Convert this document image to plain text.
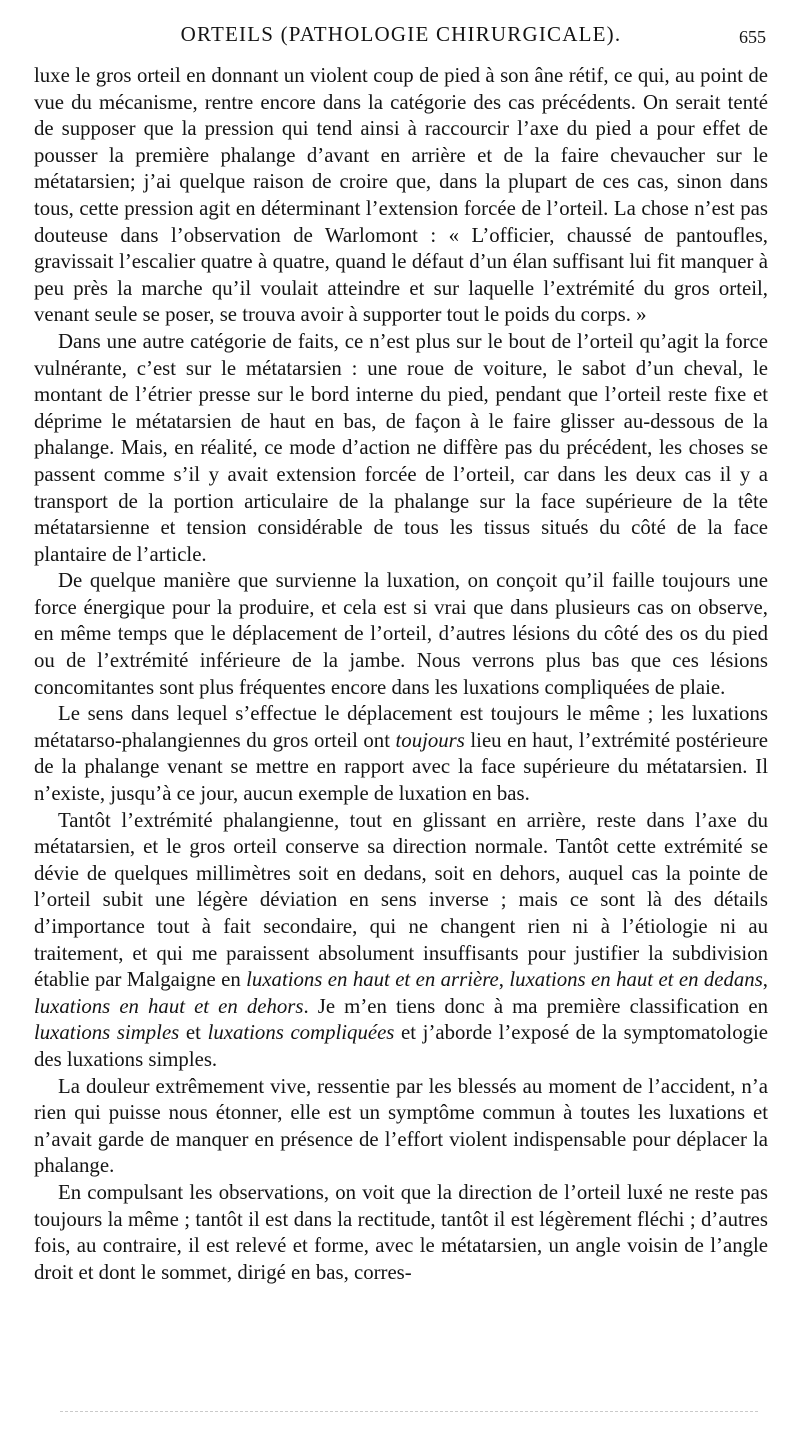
ORTEILS (PATHOLOGIE CHIRURGICALE).	655

luxe le gros orteil en donnant un violent coup de pied à son âne rétif, ce qui, au point de vue du mécanisme, rentre encore dans la catégorie des cas précédents. On serait tenté de supposer que la pression qui tend ainsi à raccourcir l’axe du pied a pour effet de pousser la première phalange d’avant en arrière et de la faire chevaucher sur le métatarsien; j’ai quelque raison de croire que, dans la plupart de ces cas, sinon dans tous, cette pression agit en déterminant l’extension forcée de l’orteil. La chose n’est pas douteuse dans l’observation de Warlomont : « L’officier, chaussé de pantoufles, gravissait l’escalier quatre à quatre, quand le défaut d’un élan suffisant lui fit manquer à peu près la marche qu’il voulait atteindre et sur laquelle l’extrémité du gros orteil, venant seule se poser, se trouva avoir à supporter tout le poids du corps. »

Dans une autre catégorie de faits, ce n’est plus sur le bout de l’orteil qu’agit la force vulnérante, c’est sur le métatarsien : une roue de voiture, le sabot d’un cheval, le montant de l’étrier presse sur le bord interne du pied, pendant que l’orteil reste fixe et déprime le métatarsien de haut en bas, de façon à le faire glisser au-dessous de la phalange. Mais, en réalité, ce mode d’action ne diffère pas du précédent, les choses se passent comme s’il y avait extension forcée de l’orteil, car dans les deux cas il y a transport de la portion articulaire de la phalange sur la face supérieure de la tête métatarsienne et tension considérable de tous les tissus situés du côté de la face plantaire de l’article.

De quelque manière que survienne la luxation, on conçoit qu’il faille toujours une force énergique pour la produire, et cela est si vrai que dans plusieurs cas on observe, en même temps que le déplacement de l’orteil, d’autres lésions du côté des os du pied ou de l’extrémité inférieure de la jambe. Nous verrons plus bas que ces lésions concomitantes sont plus fréquentes encore dans les luxations compliquées de plaie.

Le sens dans lequel s’effectue le déplacement est toujours le même ; les luxations métatarso-phalangiennes du gros orteil ont toujours lieu en haut, l’extrémité postérieure de la phalange venant se mettre en rapport avec la face supérieure du métatarsien. Il n’existe, jusqu’à ce jour, aucun exemple de luxation en bas.

Tantôt l’extrémité phalangienne, tout en glissant en arrière, reste dans l’axe du métatarsien, et le gros orteil conserve sa direction normale. Tantôt cette extrémité se dévie de quelques millimètres soit en dedans, soit en dehors, auquel cas la pointe de l’orteil subit une légère déviation en sens inverse ; mais ce sont là des détails d’importance tout à fait secondaire, qui ne changent rien ni à l’étiologie ni au traitement, et qui me paraissent absolument insuffisants pour justifier la subdivision établie par Malgaigne en luxations en haut et en arrière, luxations en haut et en dedans, luxations en haut et en dehors. Je m’en tiens donc à ma première classification en luxations simples et luxations compliquées et j’aborde l’exposé de la symptomatologie des luxations simples.

La douleur extrêmement vive, ressentie par les blessés au moment de l’accident, n’a rien qui puisse nous étonner, elle est un symptôme commun à toutes les luxations et n’avait garde de manquer en présence de l’effort violent indispensable pour déplacer la phalange.

En compulsant les observations, on voit que la direction de l’orteil luxé ne reste pas toujours la même ; tantôt il est dans la rectitude, tantôt il est légèrement fléchi ; d’autres fois, au contraire, il est relevé et forme, avec le métatarsien, un angle voisin de l’angle droit et dont le sommet, dirigé en bas, corres-
